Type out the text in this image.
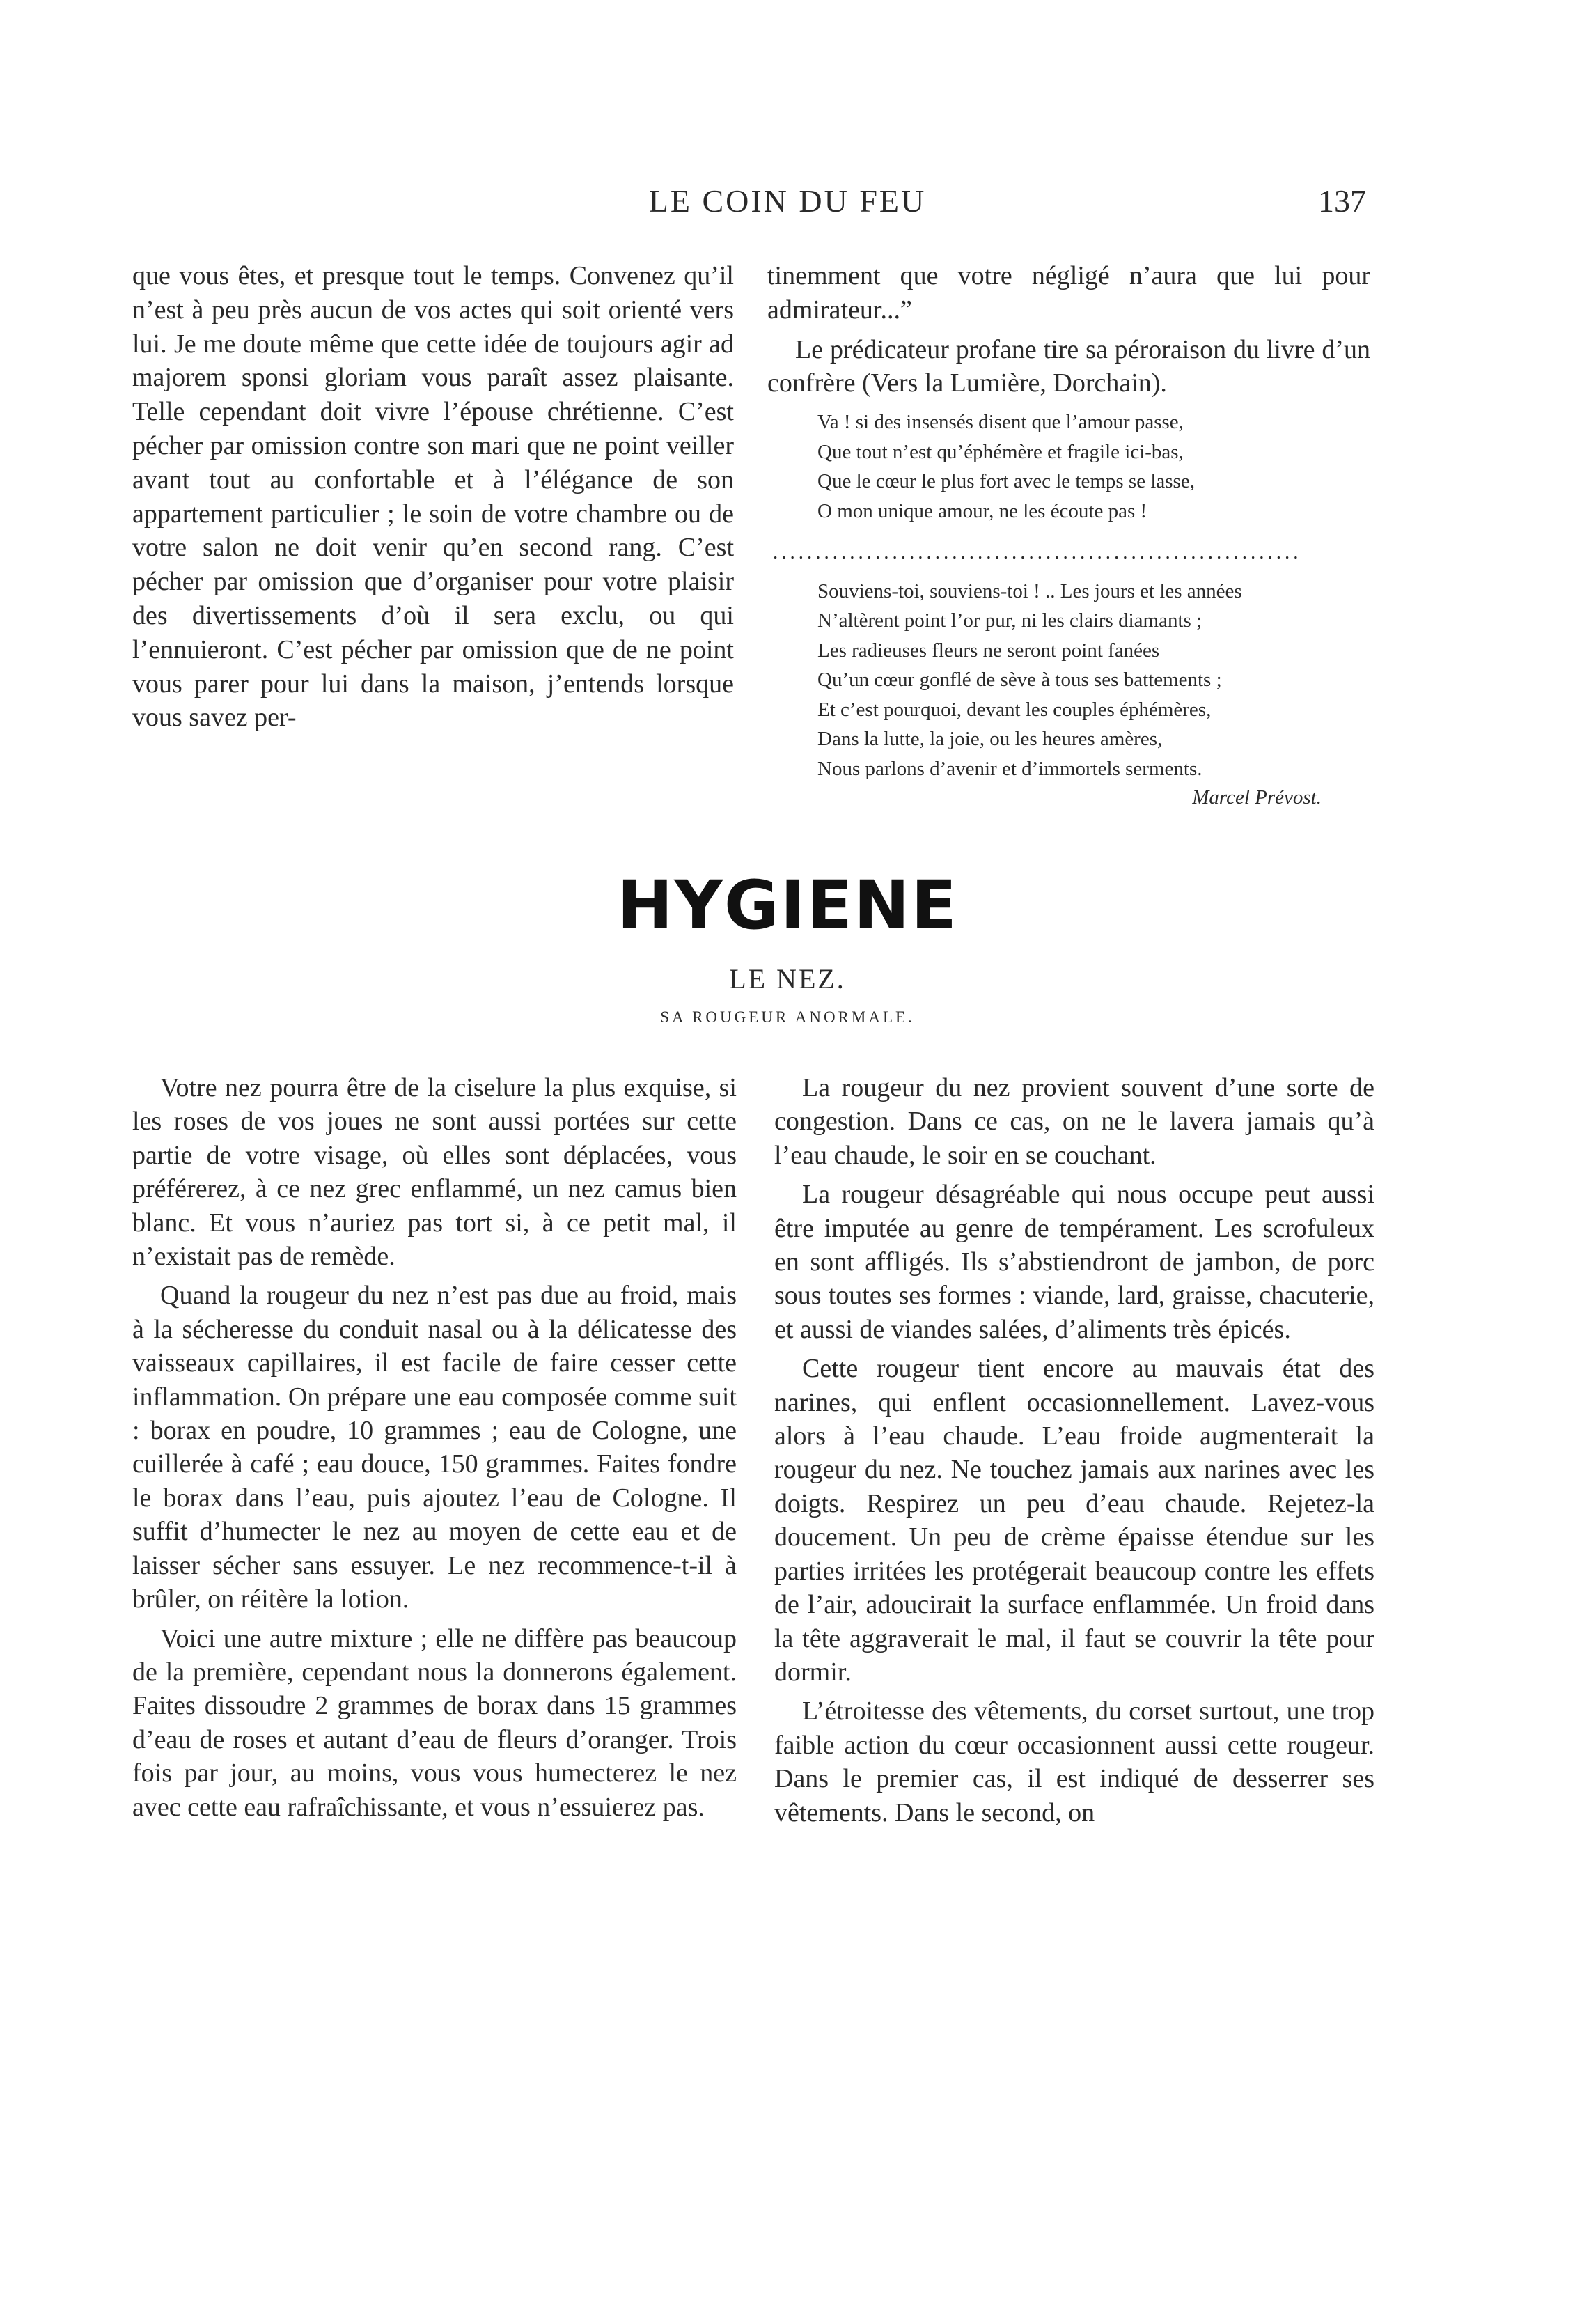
LE COIN DU FEU	137

que vous êtes, et presque tout le temps. Convenez qu’il n’est à peu près aucun de vos actes qui soit orienté vers lui. Je me doute même que cette idée de toujours agir ad majorem sponsi gloriam vous paraît assez plaisante. Telle cependant doit vivre l’épouse chrétienne. C’est pécher par omission contre son mari que ne point veiller avant tout au confortable et à l’élégance de son appartement particulier ; le soin de votre chambre ou de votre salon ne doit venir qu’en second rang. C’est pécher par omission que d’organiser pour votre plaisir des divertissements d’où il sera exclu, ou qui l’ennuieront. C’est pécher par omission que de ne point vous parer pour lui dans la maison, j’entends lorsque vous savez per-

tinemment que votre négligé n’aura que lui pour admirateur...”

Le prédicateur profane tire sa péroraison du livre d’un confrère (Vers la Lumière, Dorchain).

Va ! si des insensés disent que l’amour passe,
Que tout n’est qu’éphémère et fragile ici-bas,
Que le cœur le plus fort avec le temps se lasse,
O mon unique amour, ne les écoute pas !
..............................................................
Souviens-toi, souviens-toi ! .. Les jours et les années
N’altèrent point l’or pur, ni les clairs diamants ;
Les radieuses fleurs ne seront point fanées
Qu’un cœur gonflé de sève à tous ses battements ;
Et c’est pourquoi, devant les couples éphémères,
Dans la lutte, la joie, ou les heures amères,
Nous parlons d’avenir et d’immortels serments.
Marcel Prévost.
HYGIENE
LE NEZ.
SA ROUGEUR ANORMALE.

Votre nez pourra être de la ciselure la plus exquise, si les roses de vos joues ne sont aussi portées sur cette partie de votre visage, où elles sont déplacées, vous préférerez, à ce nez grec enflammé, un nez camus bien blanc. Et vous n’auriez pas tort si, à ce petit mal, il n’existait pas de remède.

Quand la rougeur du nez n’est pas due au froid, mais à la sécheresse du conduit nasal ou à la délicatesse des vaisseaux capillaires, il est facile de faire cesser cette inflammation. On prépare une eau composée comme suit : borax en poudre, 10 grammes ; eau de Cologne, une cuillerée à café ; eau douce, 150 grammes. Faites fondre le borax dans l’eau, puis ajoutez l’eau de Cologne. Il suffit d’humecter le nez au moyen de cette eau et de laisser sécher sans essuyer. Le nez recommence-t-il à brûler, on réitère la lotion.

Voici une autre mixture ; elle ne diffère pas beaucoup de la première, cependant nous la donnerons également. Faites dissoudre 2 grammes de borax dans 15 grammes d’eau de roses et autant d’eau de fleurs d’oranger. Trois fois par jour, au moins, vous vous humecterez le nez avec cette eau rafraîchissante, et vous n’essuierez pas.

La rougeur du nez provient souvent d’une sorte de congestion. Dans ce cas, on ne le lavera jamais qu’à l’eau chaude, le soir en se couchant.

La rougeur désagréable qui nous occupe peut aussi être imputée au genre de tempérament. Les scrofuleux en sont affligés. Ils s’abstiendront de jambon, de porc sous toutes ses formes : viande, lard, graisse, chacuterie, et aussi de viandes salées, d’aliments très épicés.

Cette rougeur tient encore au mauvais état des narines, qui enflent occasionnellement. Lavez-vous alors à l’eau chaude. L’eau froide augmenterait la rougeur du nez. Ne touchez jamais aux narines avec les doigts. Respirez un peu d’eau chaude. Rejetez-la doucement. Un peu de crème épaisse étendue sur les parties irritées les protégerait beaucoup contre les effets de l’air, adoucirait la surface enflammée. Un froid dans la tête aggraverait le mal, il faut se couvrir la tête pour dormir.

L’étroitesse des vêtements, du corset surtout, une trop faible action du cœur occasionnent aussi cette rougeur. Dans le premier cas, il est indiqué de desserrer ses vêtements. Dans le second, on
